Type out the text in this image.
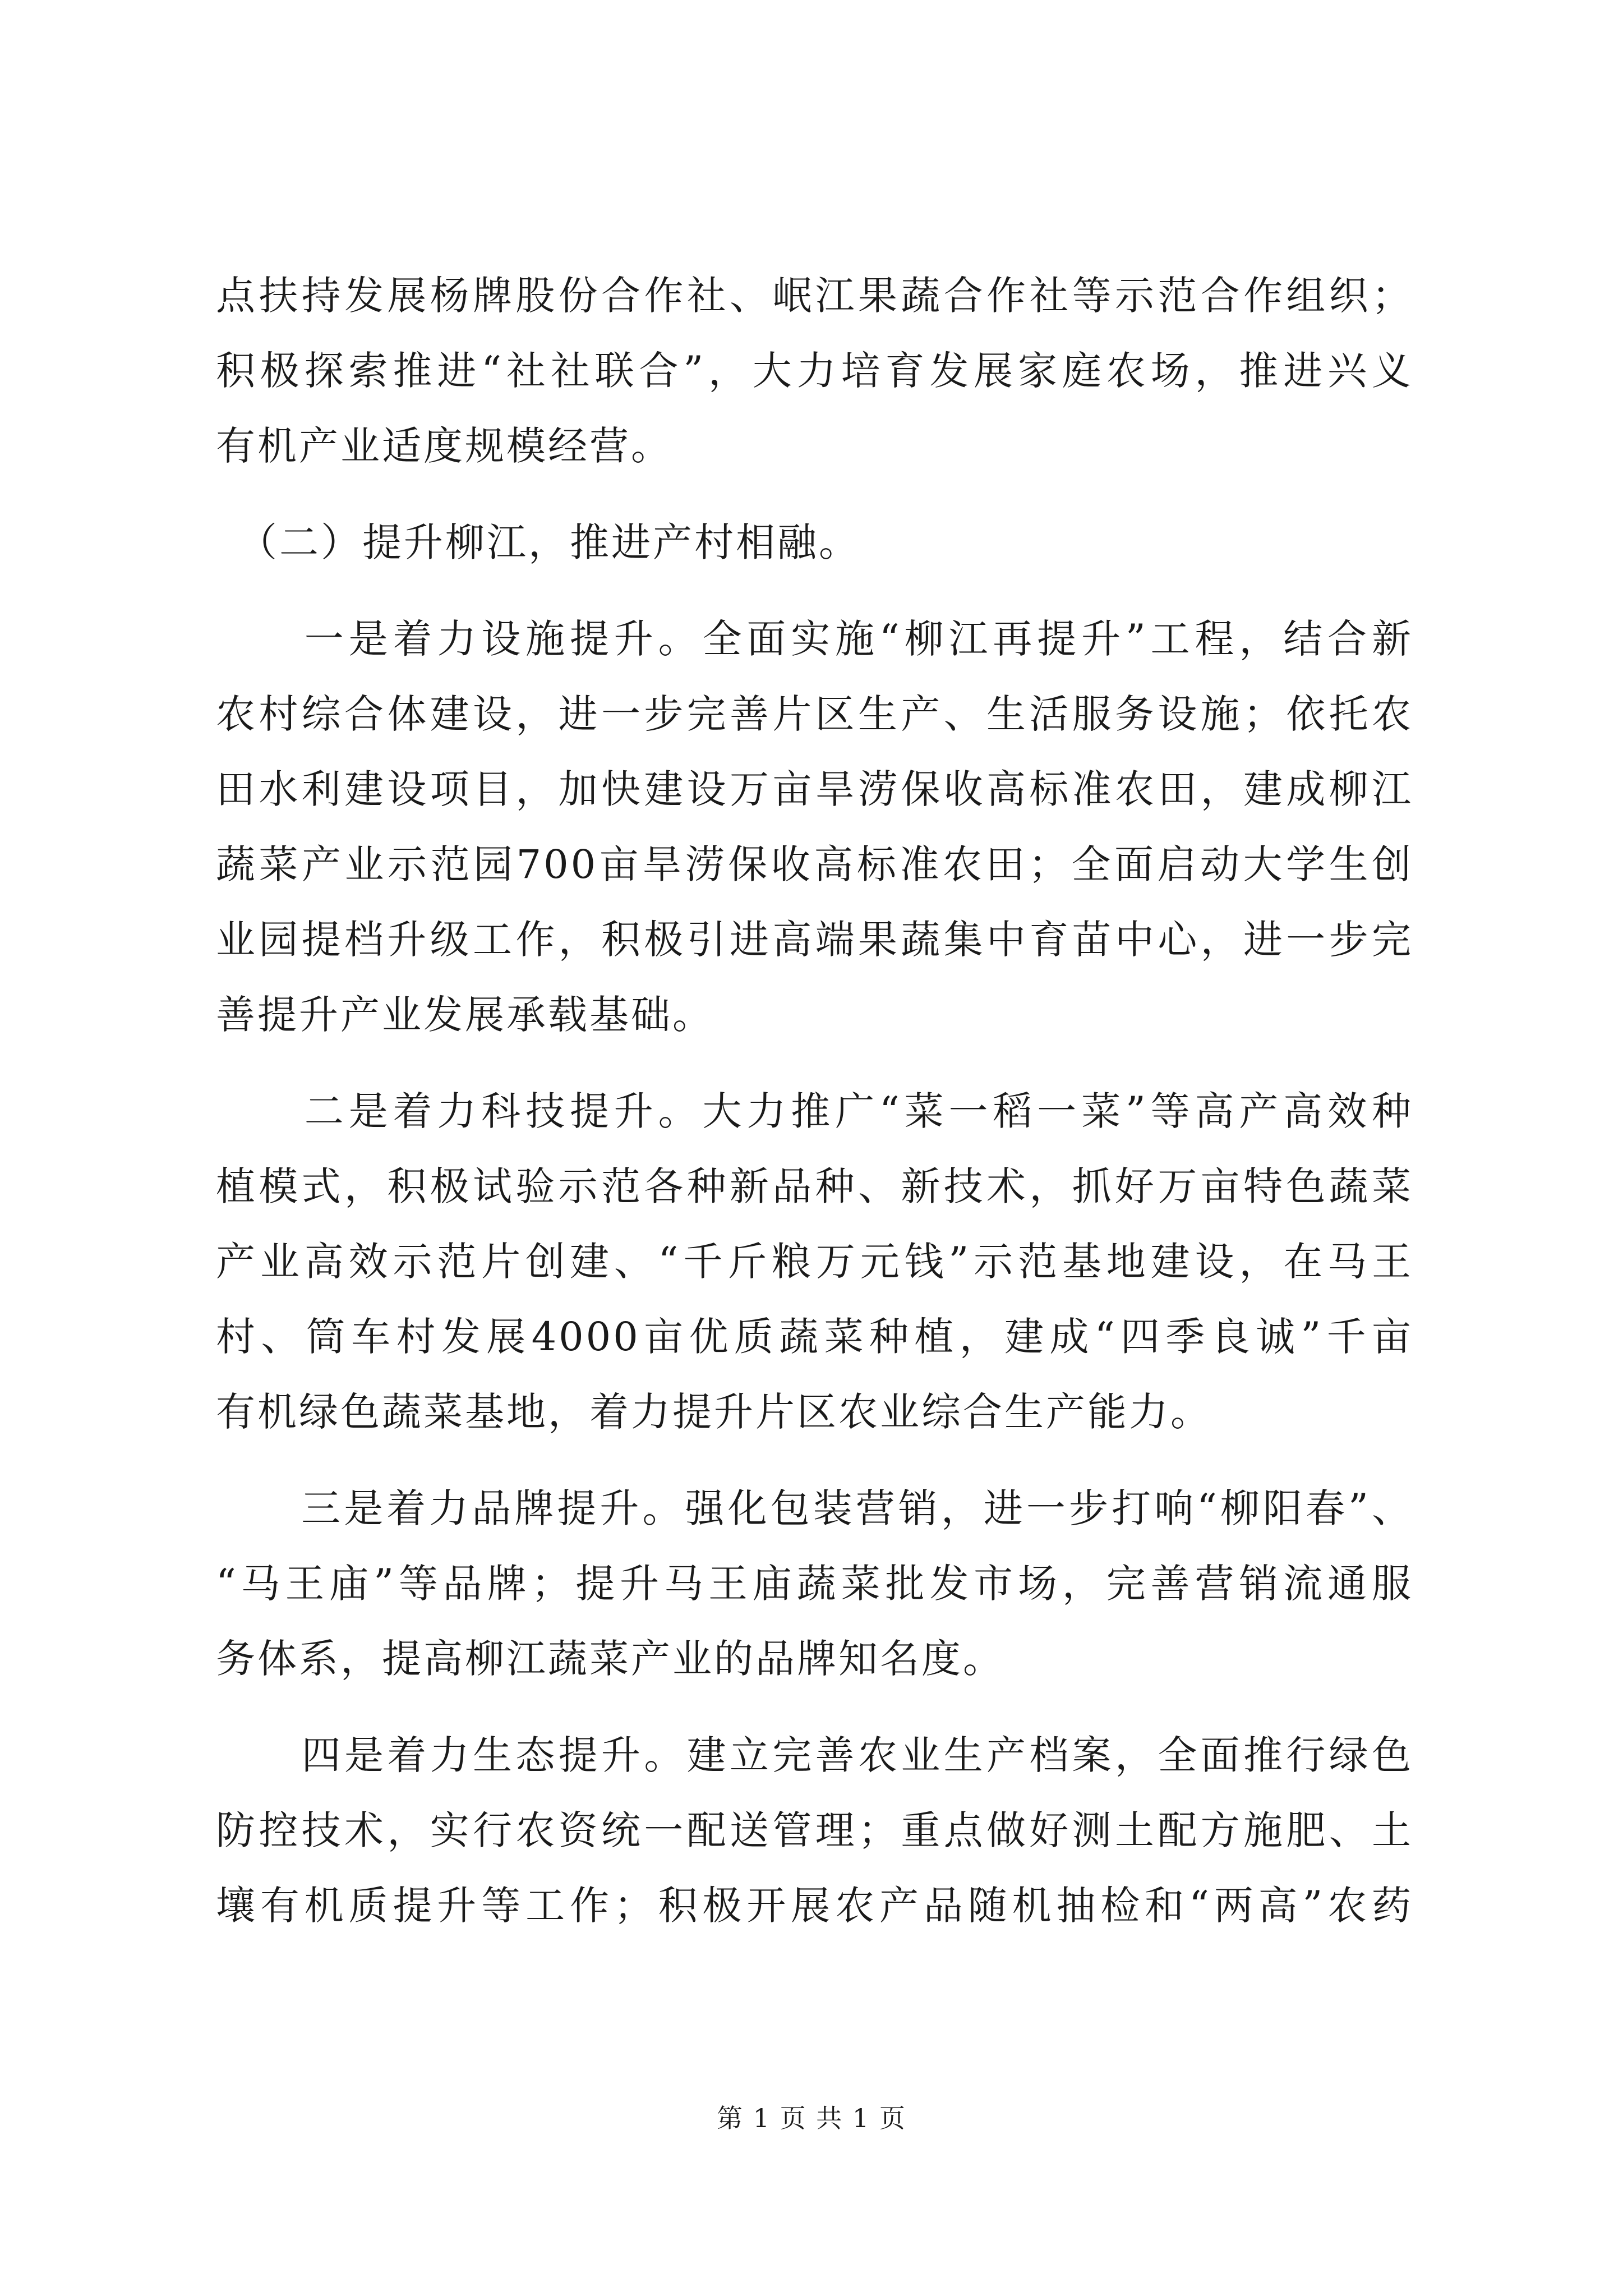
点扶持发展杨牌股份合作社、岷江果蔬合作社等示范合作组织；
积极探索推进“社社联合”，大力培育发展家庭农场，推进兴义
有机产业适度规模经营。
　（二）提升柳江，推进产村相融。
　　一是着力设施提升。全面实施“柳江再提升”工程，结合新
农村综合体建设，进一步完善片区生产、生活服务设施；依托农
田水利建设项目，加快建设万亩旱涝保收高标准农田，建成柳江
蔬菜产业示范园700亩旱涝保收高标准农田；全面启动大学生创
业园提档升级工作，积极引进高端果蔬集中育苗中心，进一步完
善提升产业发展承载基础。
　　二是着力科技提升。大力推广“菜一稻一菜”等高产高效种
植模式，积极试验示范各种新品种、新技术，抓好万亩特色蔬菜
产业高效示范片创建、“千斤粮万元钱”示范基地建设，在马王
村、筒车村发展4000亩优质蔬菜种植，建成“四季良诚”千亩
有机绿色蔬菜基地，着力提升片区农业综合生产能力。
　　三是着力品牌提升。强化包装营销，进一步打响“柳阳春”、
“马王庙”等品牌；提升马王庙蔬菜批发市场，完善营销流通服
务体系，提高柳江蔬菜产业的品牌知名度。
　　四是着力生态提升。建立完善农业生产档案，全面推行绿色
防控技术，实行农资统一配送管理；重点做好测土配方施肥、土
壤有机质提升等工作；积极开展农产品随机抽检和“两高”农药
第 1 页 共 1 页
